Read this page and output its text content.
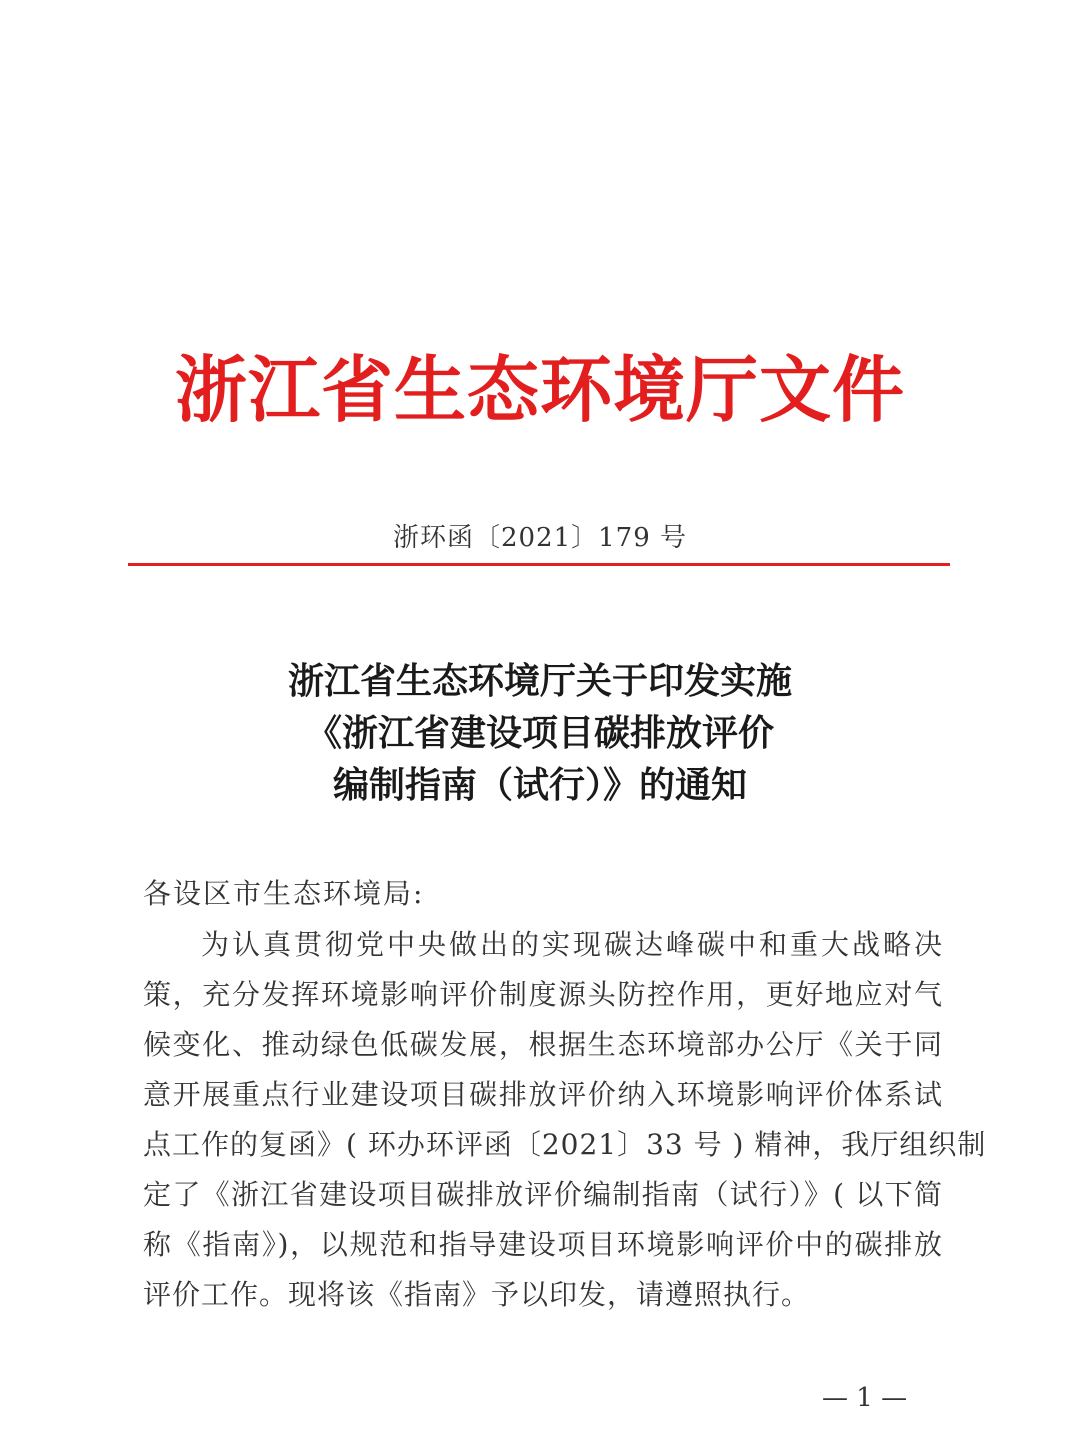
浙江省生态环境厅文件
浙环函〔2021〕179 号
浙江省生态环境厅关于印发实施
《浙江省建设项目碳排放评价
编制指南（试行）》的通知
各设区市生态环境局:
为认真贯彻党中央做出的实现碳达峰碳中和重大战略决
策，充分发挥环境影响评价制度源头防控作用，更好地应对气
候变化、推动绿色低碳发展，根据生态环境部办公厅《关于同
意开展重点行业建设项目碳排放评价纳入环境影响评价体系试
点工作的复函》( 环办环评函〔2021〕33 号 ) 精神，我厅组织制
定了《浙江省建设项目碳排放评价编制指南（试行）》( 以下简
称《指南》)，以规范和指导建设项目环境影响评价中的碳排放
评价工作。现将该《指南》予以印发，请遵照执行。
— 1 —
